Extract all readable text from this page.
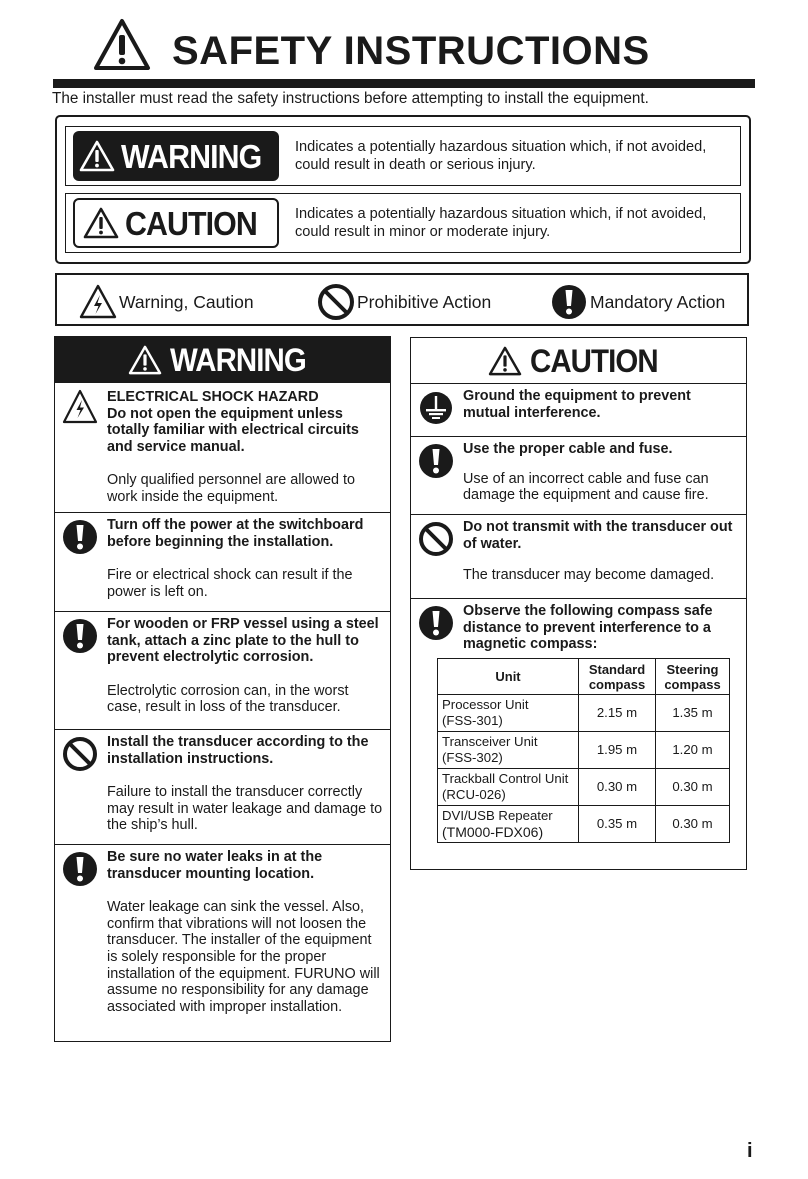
SAFETY INSTRUCTIONS
The installer must read the safety instructions before attempting to install the equipment.
WARNING Indicates a potentially hazardous situation which, if not avoided, could result in death or serious injury.
CAUTION	Indicates a potentially hazardous situation which, if not avoided, could result in minor or moderate injury.
Warning, Caution	Prohibitive Action	Mandatory Action
WARNING
ELECTRICAL SHOCK HAZARD
Do not open the equipment unless totally familiar with electrical circuits and service manual.

Only qualified personnel are allowed to work inside the equipment.

Turn off the power at the switchboard before beginning the installation.

Fire or electrical shock can result if the power is left on.

For wooden or FRP vessel using a steel tank, attach a zinc plate to the hull to prevent electrolytic corrosion.

Electrolytic corrosion can, in the worst case, result in loss of the transducer.

Install the transducer according to the installation instructions.

Failure to install the transducer correctly may result in water leakage and damage to the ship’s hull.

Be sure no water leaks in at the transducer mounting location.

Water leakage can sink the vessel. Also, confirm that vibrations will not loosen the transducer. The installer of the equipment is solely responsible for the proper installation of the equipment. FURUNO will assume no responsibility for any damage associated with improper installation.

CAUTION
Ground the equipment to prevent mutual interference.
Use the proper cable and fuse.

Use of an incorrect cable and fuse can damage the equipment and cause fire.

Do not transmit with the transducer out of water.

The transducer may become damaged.

Observe the following compass safe distance to prevent interference to a magnetic compass:
Unit	Standard compass	Steering compass

Processor Unit
(FSS-301)	2.15 m	1.35 m

Transceiver Unit
(FSS-302)	1.95 m	1.20 m

Trackball Control Unit
(RCU-026)	0.30 m	0.30 m

DVI/USB Repeater
(TM000-FDX06)	0.35 m	0.30 m
i
